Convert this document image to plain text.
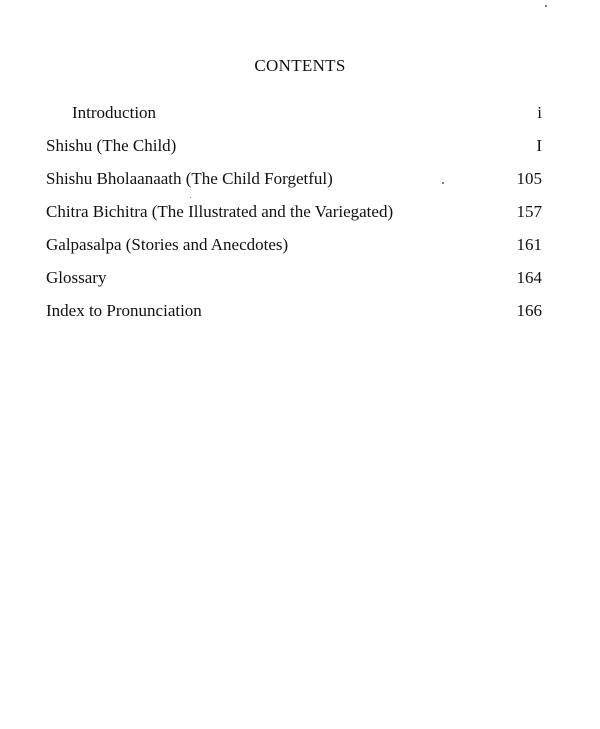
CONTENTS
Introduction	i
Shishu (The Child)	I
Shishu Bholaanaath (The Child Forgetful)	105
Chitra Bichitra (The Illustrated and the Variegated)	157
Galpasalpa (Stories and Anecdotes)	161
Glossary	164
Index to Pronunciation	166
